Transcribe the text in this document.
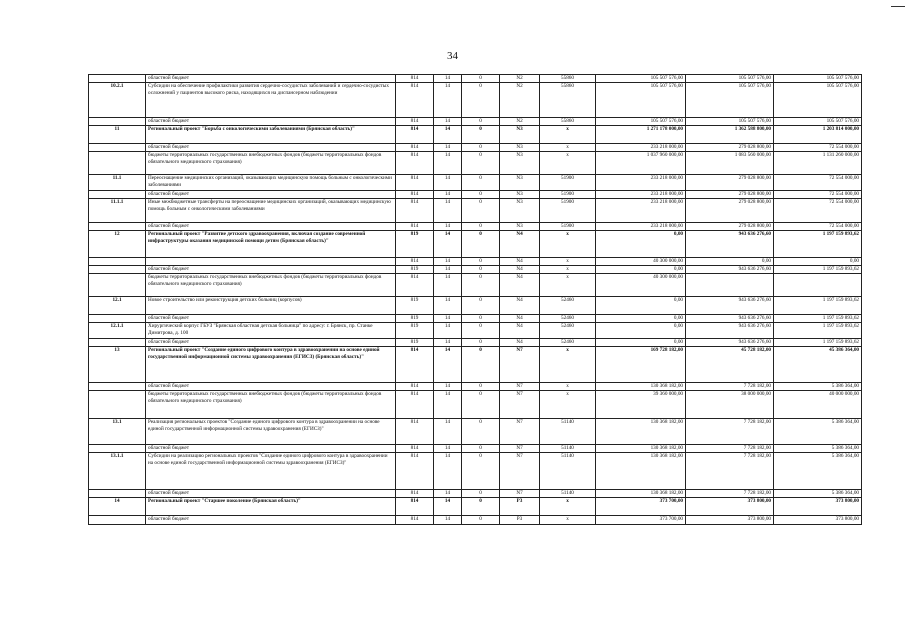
34
	областной бюджет	814	14	0	N2	55860	105 507 576,00	105 507 576,00	105 507 576,00
10.2.1	Субсидии на обеспечение профилактики развития сердечно-сосудистых заболеваний и сердечно-сосудистых осложнений у пациентов высокого риска, находящихся на диспансерном наблюдении	814	14	0	N2	55860	105 507 576,00	105 507 576,00	105 507 576,00
	областной бюджет	814	14	0	N2	55860	105 507 576,00	105 507 576,00	105 507 576,00
11	Региональный проект "Борьба с онкологическими заболеваниями (Брянская область)"	814	14	0	N3	x	1 271 178 000,00	1 362 588 800,00	1 203 814 000,00
	областной бюджет	814	14	0	N3	x	233 218 000,00	279 028 800,00	72 554 000,00
	бюджеты территориальных государственных внебюджетных фондов (бюджеты территориальных фондов обязательного медицинского страхования)	814	14	0	N3	x	1 037 960 000,00	1 083 560 000,00	1 131 260 000,00
11.1	Переоснащение медицинских организаций, оказывающих медицинскую помощь больным с онкологическими заболеваниями	814	14	0	N3	51900	233 218 000,00	279 028 800,00	72 554 000,00
	областной бюджет	814	14	0	N3	51900	233 218 000,00	279 028 800,00	72 554 000,00
11.1.1	Иные межбюджетные трансферты на переоснащение медицинских организаций, оказывающих медицинскую помощь больным с онкологическими заболеваниями	814	14	0	N3	51900	233 218 000,00	279 028 800,00	72 554 000,00
	областной бюджет	814	14	0	N3	51900	233 218 000,00	279 028 800,00	72 554 000,00
12	Региональный проект "Развитие детского здравоохранения, включая создание современной инфраструктуры оказания медицинской помощи детям (Брянская область)"	819	14	0	N4	x	0,00	943 636 276,60	1 197 159 893,62
		814	14	0	N4	x	40 300 000,00	0,00	0,00
	областной бюджет	819	14	0	N4	x	0,00	943 636 276,60	1 197 159 893,62
	бюджеты территориальных государственных внебюджетных фондов (бюджеты территориальных фондов обязательного медицинского страхования)	814	14	0	N4	x	40 300 000,00		
12.1	Новое строительство или реконструкция детских больниц (корпусов)	819	14	0	N4	52460	0,00	943 636 276,60	1 197 159 893,62
	областной бюджет	819	14	0	N4	52460	0,00	943 636 276,60	1 197 159 893,62
12.1.1	Хирургический корпус ГБУЗ "Брянская областная детская больница" по адресу: г. Брянск, пр. Станке Димитрова, д. 100	819	14	0	N4	52460	0,00	943 636 276,60	1 197 159 893,62
	областной бюджет	819	14	0	N4	52460	0,00	943 636 276,60	1 197 159 893,62
13	Региональный проект "Создание единого цифрового контура в здравоохранении на основе единой государственной информационной системы здравоохранения (ЕГИСЗ) (Брянская область)"	814	14	0	N7	x	169 728 182,00	45 728 182,00	45 386 364,00
	областной бюджет	814	14	0	N7	x	130 368 182,00	7 728 182,00	5 386 364,00
	бюджеты территориальных государственных внебюджетных фондов (бюджеты территориальных фондов обязательного медицинского страхования)	814	14	0	N7	x	39 360 000,00	38 000 000,00	40 000 000,00
13.1	Реализация региональных проектов "Создание единого цифрового контура в здравоохранении на основе единой государственной информационной системы здравоохранения (ЕГИСЗ)"	814	14	0	N7	51140	130 368 182,00	7 728 182,00	5 386 364,00
	областной бюджет	814	14	0	N7	51140	130 368 182,00	7 728 182,00	5 386 364,00
13.1.1	Субсидии на реализацию региональных проектов "Создание единого цифрового контура в здравоохранении на основе единой государственной информационной системы здравоохранения (ЕГИСЗ)"	814	14	0	N7	51140	130 368 182,00	7 728 182,00	5 386 364,00
	областной бюджет	814	14	0	N7	51140	130 368 182,00	7 728 182,00	5 386 364,00
14	Региональный проект "Старшее поколение (Брянская область)"	814	14	0	P3	x	373 700,00	373 800,00	373 800,00
	областной бюджет	814	14	0	P3	x	373 700,00	373 800,00	373 800,00
